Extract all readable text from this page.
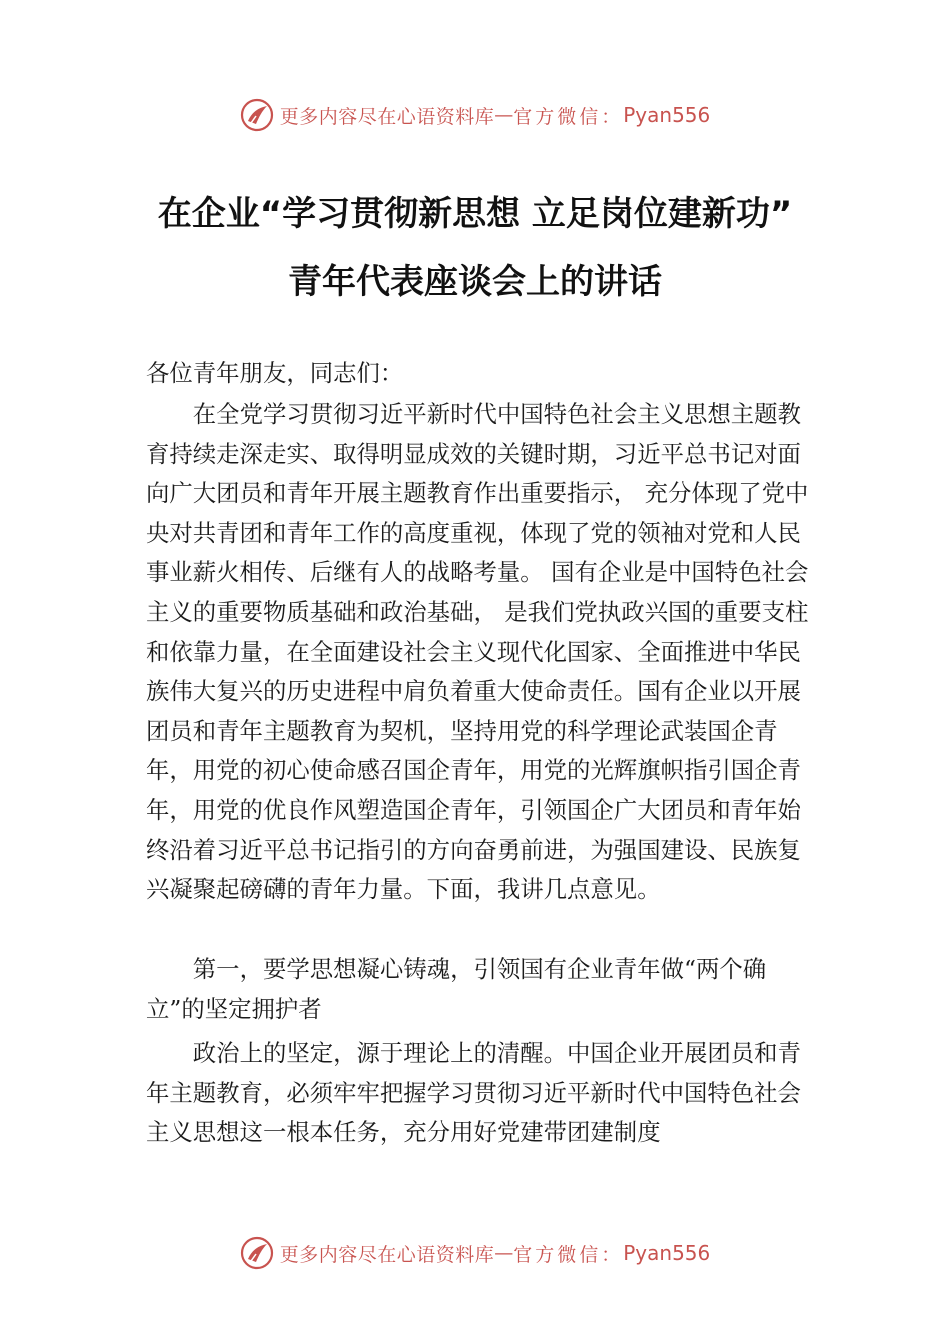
更多内容尽在心语资料库 — 官方微信： Pyan556
在企业“学习贯彻新思想 立足岗位建新功”
青年代表座谈会上的讲话
各位青年朋友，同志们：

在全党学习贯彻习近平新时代中国特色社会主义思想主题教育持续走深走实、取得明显成效的关键时期，习近平总书记对面向广大团员和青年开展主题教育作出重要指示， 充分体现了党中央对共青团和青年工作的高度重视，体现了党的领袖对党和人民事业薪火相传、后继有人的战略考量。 国有企业是中国特色社会主义的重要物质基础和政治基础， 是我们党执政兴国的重要支柱和依靠力量，在全面建设社会主义现代化国家、全面推进中华民族伟大复兴的历史进程中肩负着重大使命责任。国有企业以开展团员和青年主题教育为契机，坚持用党的科学理论武装国企青年，用党的初心使命感召国企青年，用党的光辉旗帜指引国企青年，用党的优良作风塑造国企青年，引领国企广大团员和青年始终沿着习近平总书记指引的方向奋勇前进，为强国建设、民族复兴凝聚起磅礴的青年力量。下面，我讲几点意见。

第一，要学思想凝心铸魂，引领国有企业青年做“两个确立”的坚定拥护者

政治上的坚定，源于理论上的清醒。中国企业开展团员和青年主题教育，必须牢牢把握学习贯彻习近平新时代中国特色社会主义思想这一根本任务，充分用好党建带团建制度

更多内容尽在心语资料库 — 官方微信： Pyan556
